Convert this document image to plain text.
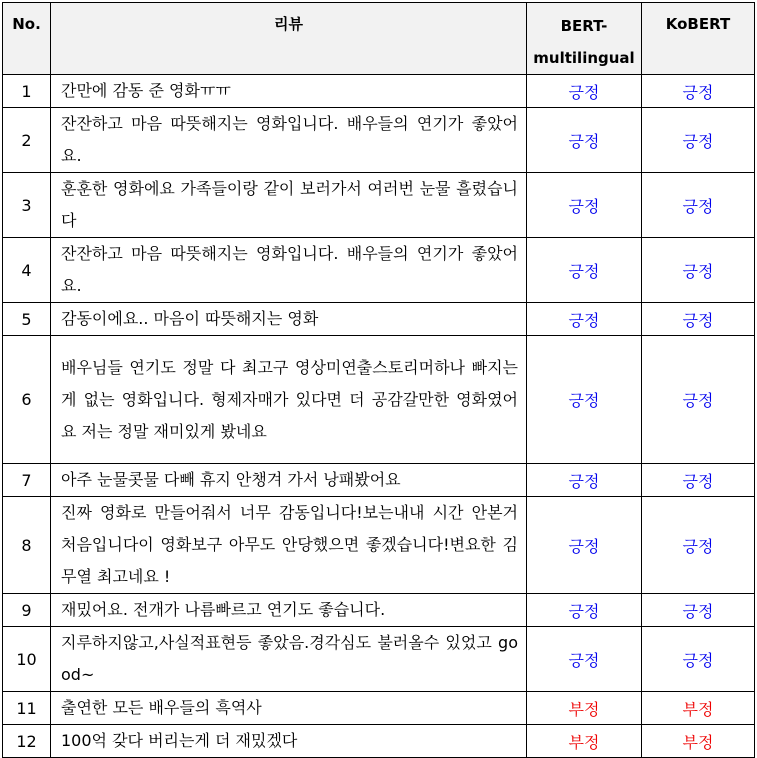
No.	리뷰	BERT-multilingual	KoBERT
1	간만에 감동 준 영화ㅠㅠ	긍정	긍정
2	잔잔하고 마음 따뜻해지는 영화입니다. 배우들의 연기가 좋았어요.	긍정	긍정
3	훈훈한 영화에요 가족들이랑 같이 보러가서 여러번 눈물 흘렸습니다	긍정	긍정
4	잔잔하고 마음 따뜻해지는 영화입니다. 배우들의 연기가 좋았어요.	긍정	긍정
5	감동이에요.. 마음이 따뜻해지는 영화	긍정	긍정
6	배우님들 연기도 정말 다 최고구 영상미연출스토리머하나 빠지는 게 없는 영화입니다. 형제자매가 있다면 더 공감갈만한 영화였어요 저는 정말 재미있게 봤네요	긍정	긍정
7	아주 눈물콧물 다빼 휴지 안챙겨 가서 낭패봤어요	긍정	긍정
8	진짜 영화로 만들어줘서 너무 감동입니다!보는내내 시간 안본거 처음입니다이 영화보구 아무도 안당했으면 좋겠습니다!변요한 김무열 최고네요 !	긍정	긍정
9	재밌어요. 전개가 나름빠르고 연기도 좋습니다.	긍정	긍정
10	지루하지않고,사실적표현등 좋았음.경각심도 불러올수 있었고 good~	긍정	긍정
11	출연한 모든 배우들의 흑역사	부정	부정
12	100억 갖다 버리는게 더 재밌겠다	부정	부정
